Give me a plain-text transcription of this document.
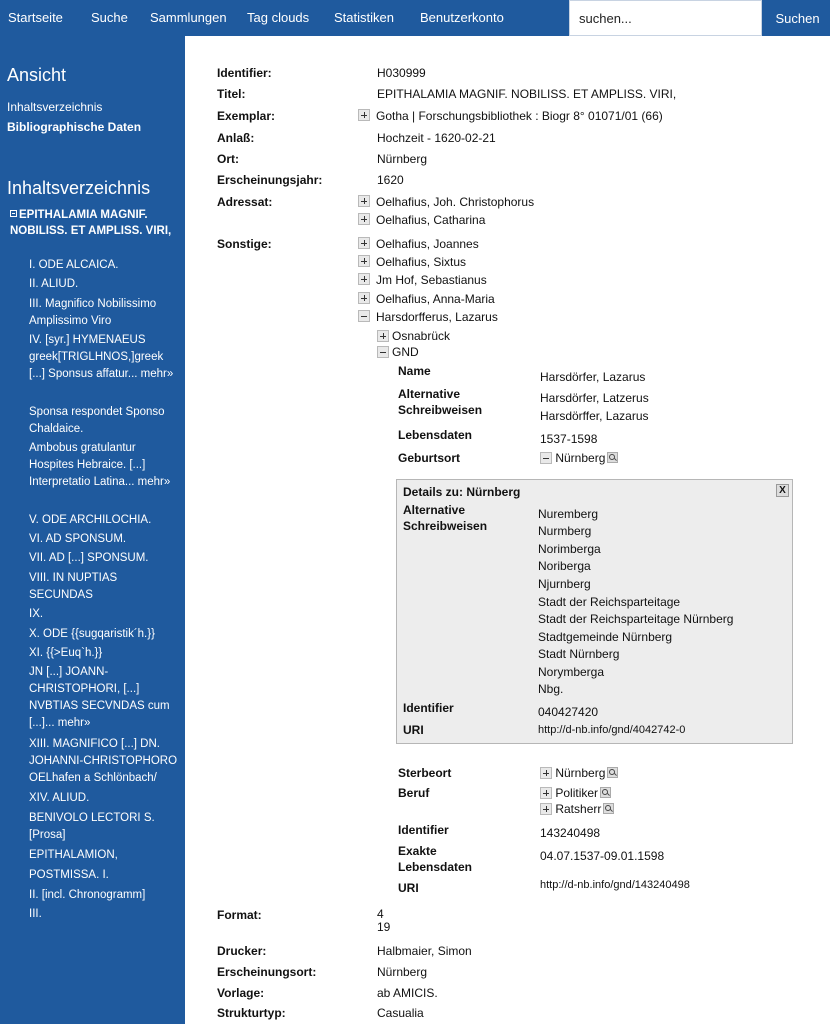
Startseite Suche Sammlungen Tag clouds Statistiken Benutzerkonto
suchen...	Suchen
Ansicht
Inhaltsverzeichnis
Bibliographische Daten
Inhaltsverzeichnis
EPITHALAMIA MAGNIF. NOBILISS. ET AMPLISS. VIRI,
I. ODE ALCAICA.
II. ALIUD.
III. Magnifico Nobilissimo Amplissimo Viro
IV. [syr.] HYMENAEUS greek[TRIGLHNOS,]greek [...] Sponsus affatur... mehr»
Sponsa respondet Sponso Chaldaice.
Ambobus gratulantur Hospites Hebraice. [...] Interpretatio Latina... mehr»
V. ODE ARCHILOCHIA.
VI. AD SPONSUM.
VII. AD [...] SPONSUM.
VIII. IN NUPTIAS SECUNDAS
IX.
X. ODE {{sugqaristik´h.}}
XI. {{>Euq`h.}}
JN [...] JOANN-CHRISTOPHORI, [...] NVBTIAS SECVNDAS cum [...]... mehr»
XIII. MAGNIFICO [...] DN. JOHANNI-CHRISTOPHORO OELhafen a Schlönbach/
XIV. ALIUD.
BENIVOLO LECTORI S. [Prosa]
EPITHALAMION,
POSTMISSA. I.
II. [incl. Chronogramm]
III.
Identifier:	H030999
Titel:	EPITHALAMIA MAGNIF. NOBILISS. ET AMPLISS. VIRI,
Exemplar:	Gotha | Forschungsbibliothek : Biogr 8° 01071/01 (66)
Anlaß:	Hochzeit - 1620-02-21
Ort:	Nürnberg
Erscheinungsjahr:	1620
Adressat:	Oelhafius, Joh. Christophorus
Oelhafius, Catharina
Sonstige:	Oelhafius, Joannes
Oelhafius, Sixtus
Jm Hof, Sebastianus
Oelhafius, Anna-Maria
Harsdorfferus, Lazarus
Osnabrück
GND
Name	Harsdörfer, Lazarus
Alternative Schreibweisen
Harsdörfer, Latzerus
Harsdörffer, Lazarus
Lebensdaten	1537-1598
Geburtsort	Nürnberg
Details zu: Nürnberg	X
Alternative Schreibweisen
Nuremberg
Nurmberg
Norimberga
Noriberga
Njurnberg
Stadt der Reichsparteitage
Stadt der Reichsparteitage Nürnberg
Stadtgemeinde Nürnberg
Stadt Nürnberg
Norymberga
Nbg.
Identifier	040427420
URI	http://d-nb.info/gnd/4042742-0
Sterbeort	Nürnberg
Beruf	Politiker
Ratsherr
Identifier	143240498
Exakte Lebensdaten
04.07.1537-09.01.1598
URI	http://d-nb.info/gnd/143240498
Format:	4
19
Drucker:	Halbmaier, Simon
Erscheinungsort:	Nürnberg
Vorlage:	ab AMICIS.
Strukturtyp:	Casualia
